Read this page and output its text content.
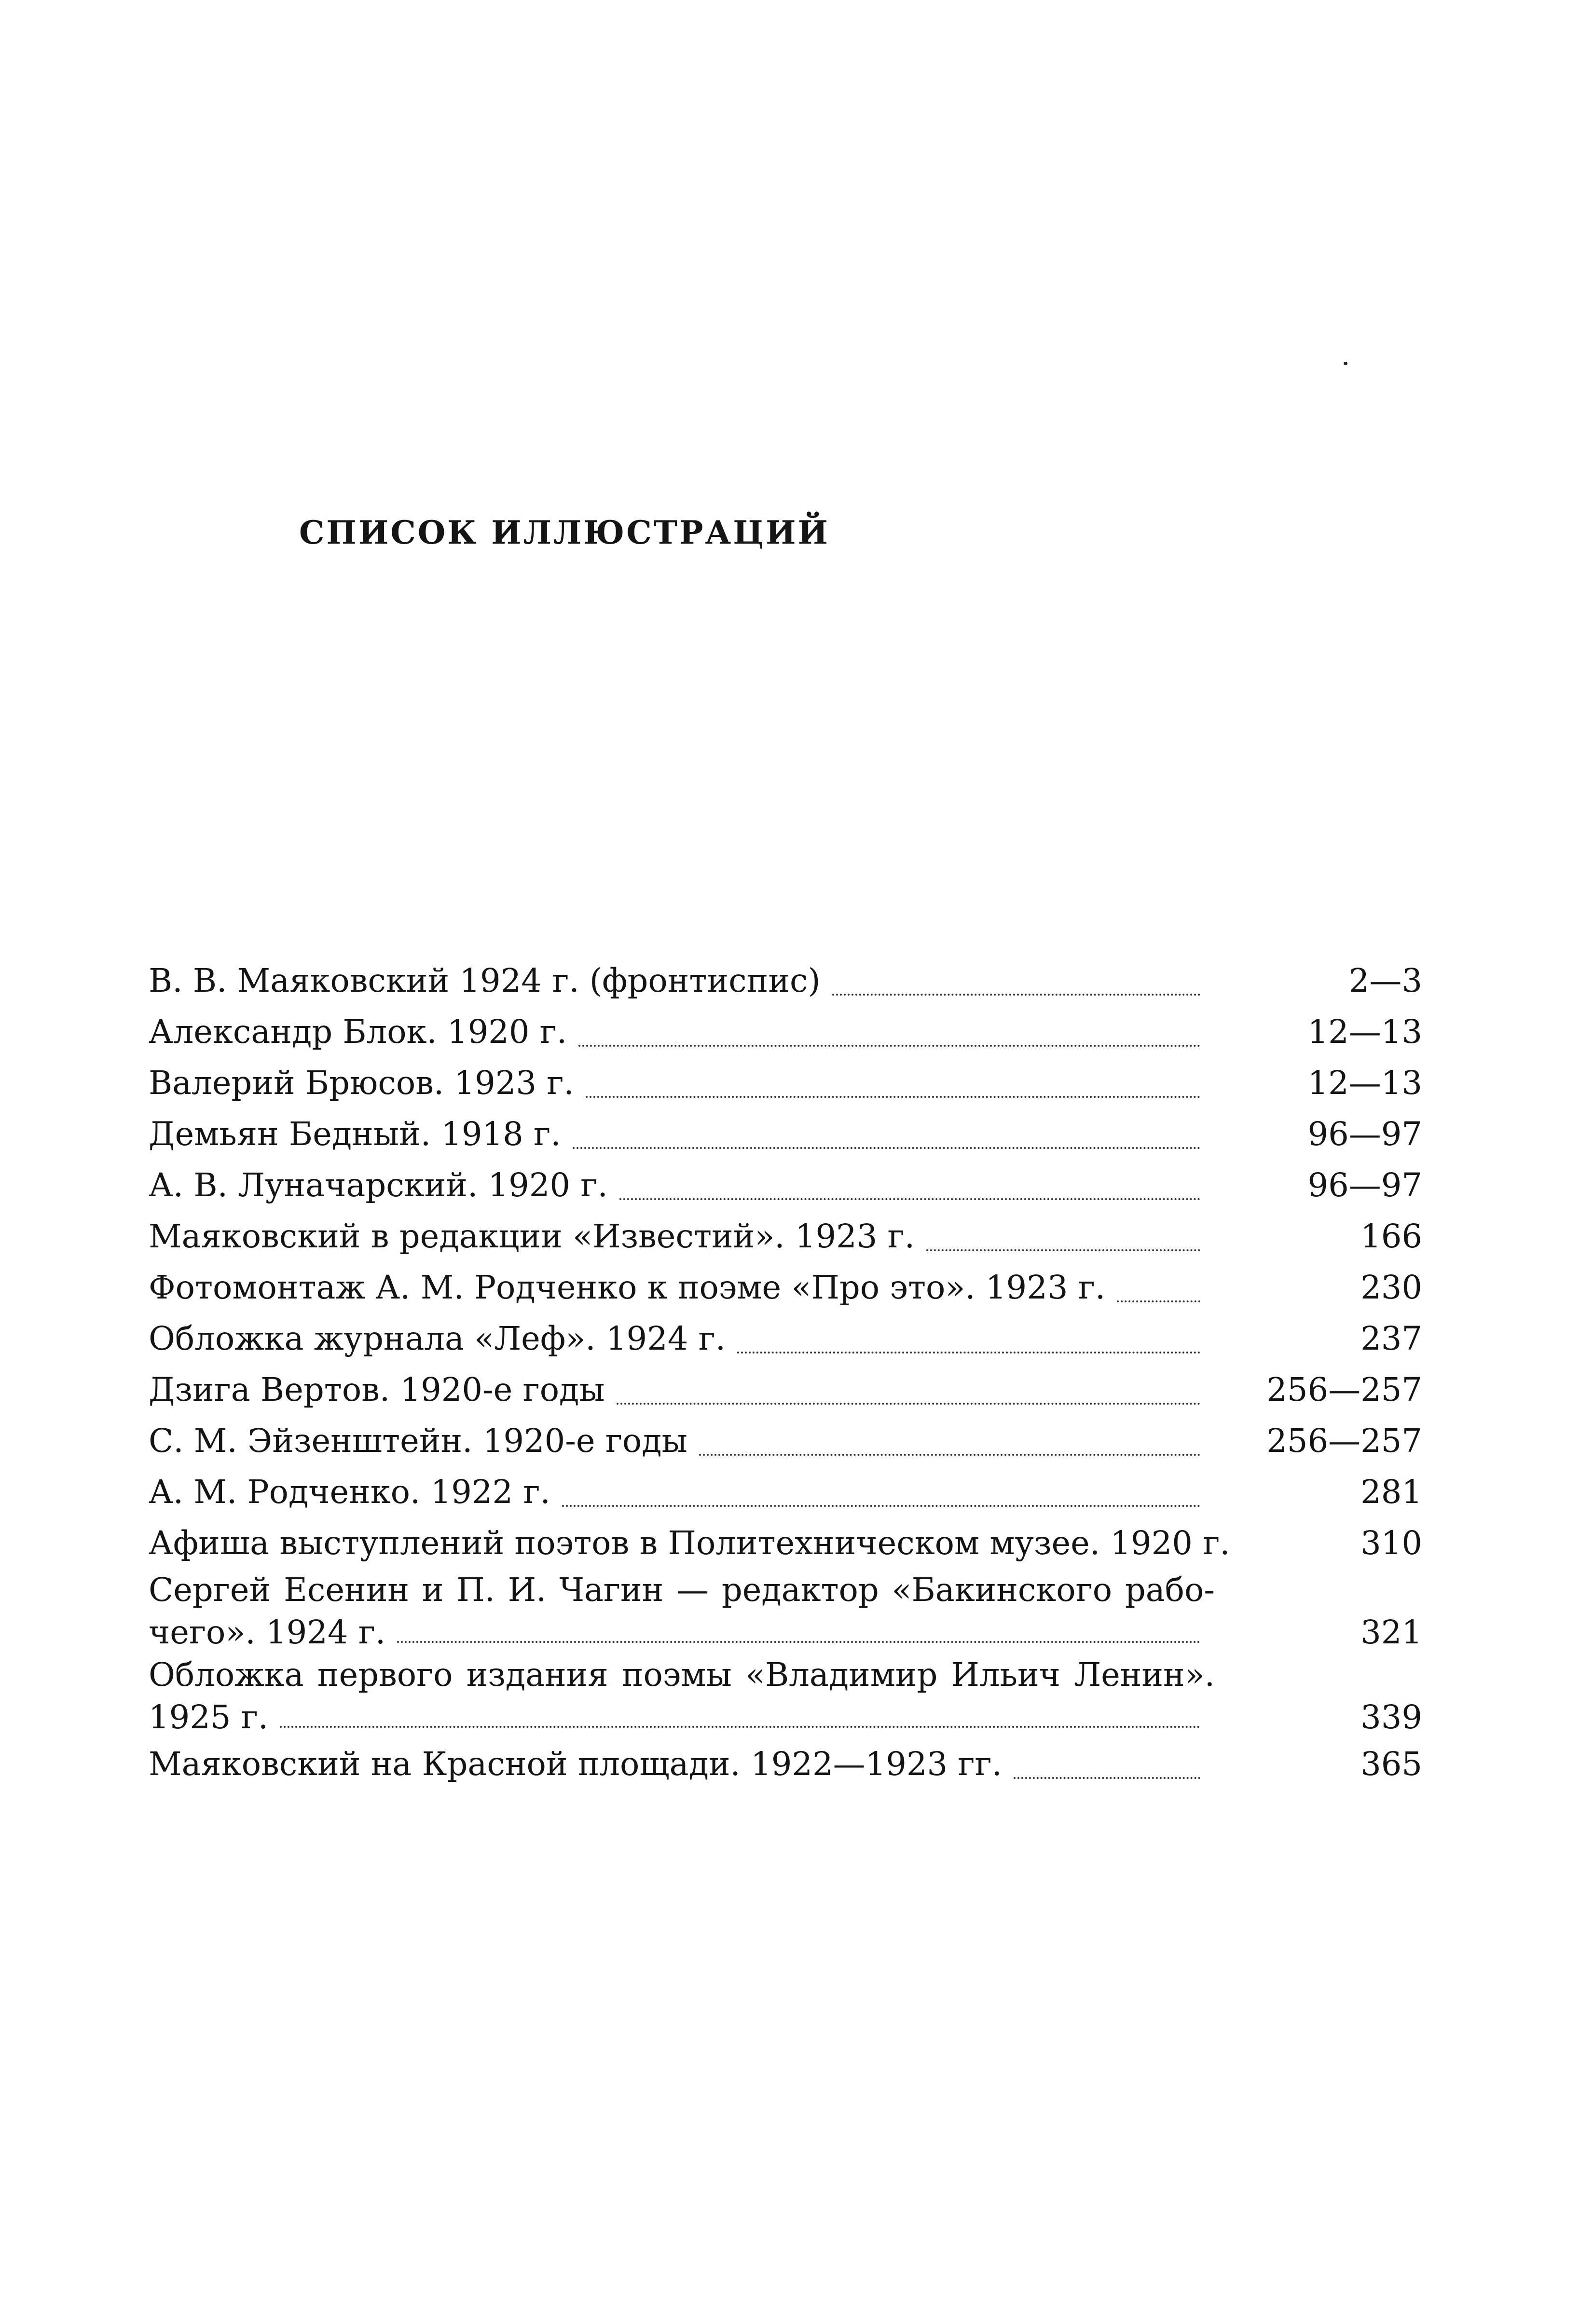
СПИСОК ИЛЛЮСТРАЦИЙ
В. В. Маяковский 1924 г. (фронтиспис)	2—3
Александр Блок. 1920 г.	12—13
Валерий Брюсов. 1923 г.	12—13
Демьян Бедный. 1918 г.	96—97
А. В. Луначарский. 1920 г.	96—97
Маяковский в редакции «Известий». 1923 г.	166
Фотомонтаж А. М. Родченко к поэме «Про это». 1923 г.	230
Обложка журнала «Леф». 1924 г.	237
Дзига Вертов. 1920-е годы	256—257
С. М. Эйзенштейн. 1920-е годы	256—257
А. М. Родченко. 1922 г.	281
Афиша выступлений поэтов в Политехническом музее. 1920 г.	310
Сергей Есенин и П. И. Чагин — редактор «Бакинского рабо-
чего». 1924 г.	321
Обложка первого издания поэмы «Владимир Ильич Ленин».
1925 г.	339
Маяковский на Красной площади. 1922—1923 гг.	365
